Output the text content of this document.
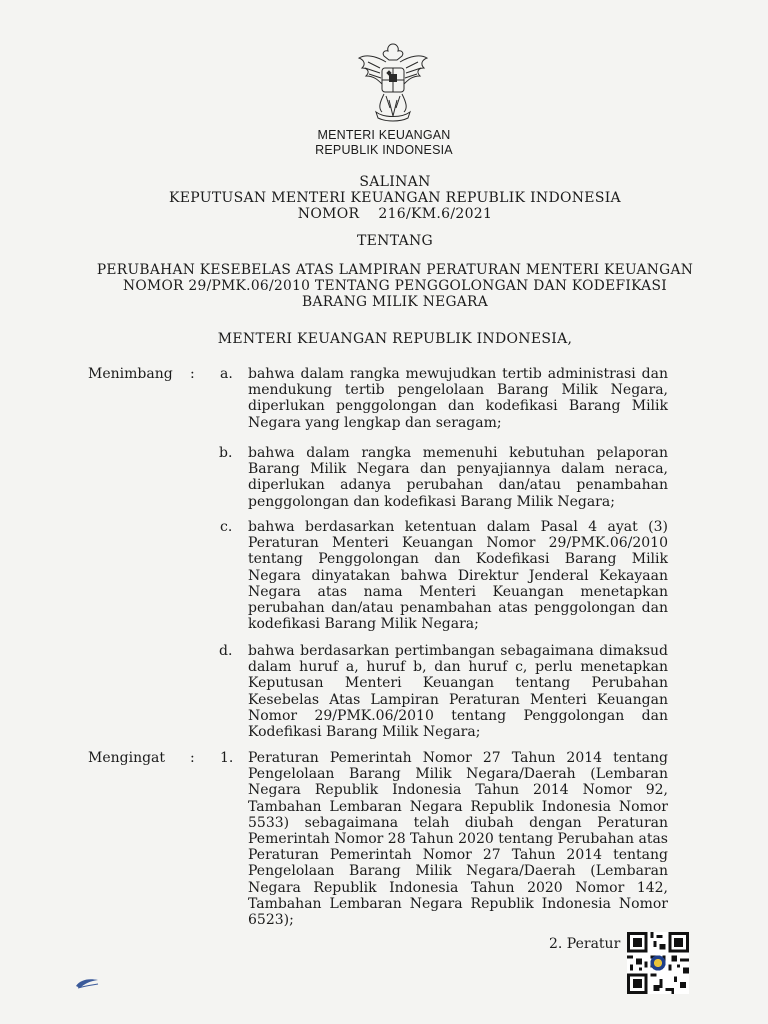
MENTERI KEUANGAN
REPUBLIK INDONESIA
SALINAN
KEPUTUSAN MENTERI KEUANGAN REPUBLIK INDONESIA
NOMOR    216/KM.6/2021
TENTANG
PERUBAHAN KESEBELAS ATAS LAMPIRAN PERATURAN MENTERI KEUANGAN
NOMOR 29/PMK.06/2010 TENTANG PENGGOLONGAN DAN KODEFIKASI
BARANG MILIK NEGARA
MENTERI KEUANGAN REPUBLIK INDONESIA,
Menimbang : a. bahwa dalam rangka mewujudkan tertib administrasi dan mendukung tertib pengelolaan Barang Milik Negara, diperlukan penggolongan dan kodefikasi Barang Milik Negara yang lengkap dan seragam;
b. bahwa dalam rangka memenuhi kebutuhan pelaporan Barang Milik Negara dan penyajiannya dalam neraca, diperlukan adanya perubahan dan/atau penambahan penggolongan dan kodefikasi Barang Milik Negara;
c. bahwa berdasarkan ketentuan dalam Pasal 4 ayat (3) Peraturan Menteri Keuangan Nomor 29/PMK.06/2010 tentang Penggolongan dan Kodefikasi Barang Milik Negara dinyatakan bahwa Direktur Jenderal Kekayaan Negara atas nama Menteri Keuangan menetapkan perubahan dan/atau penambahan atas penggolongan dan kodefikasi Barang Milik Negara;
d. bahwa berdasarkan pertimbangan sebagaimana dimaksud dalam huruf a, huruf b, dan huruf c, perlu menetapkan Keputusan Menteri Keuangan tentang Perubahan Kesebelas Atas Lampiran Peraturan Menteri Keuangan Nomor 29/PMK.06/2010 tentang Penggolongan dan Kodefikasi Barang Milik Negara;
Mengingat : 1. Peraturan Pemerintah Nomor 27 Tahun 2014 tentang Pengelolaan Barang Milik Negara/Daerah (Lembaran Negara Republik Indonesia Tahun 2014 Nomor 92, Tambahan Lembaran Negara Republik Indonesia Nomor 5533) sebagaimana telah diubah dengan Peraturan Pemerintah Nomor 28 Tahun 2020 tentang Perubahan atas Peraturan Pemerintah Nomor 27 Tahun 2014 tentang Pengelolaan Barang Milik Negara/Daerah (Lembaran Negara Republik Indonesia Tahun 2020 Nomor 142, Tambahan Lembaran Negara Republik Indonesia Nomor 6523);
2. Peratur
